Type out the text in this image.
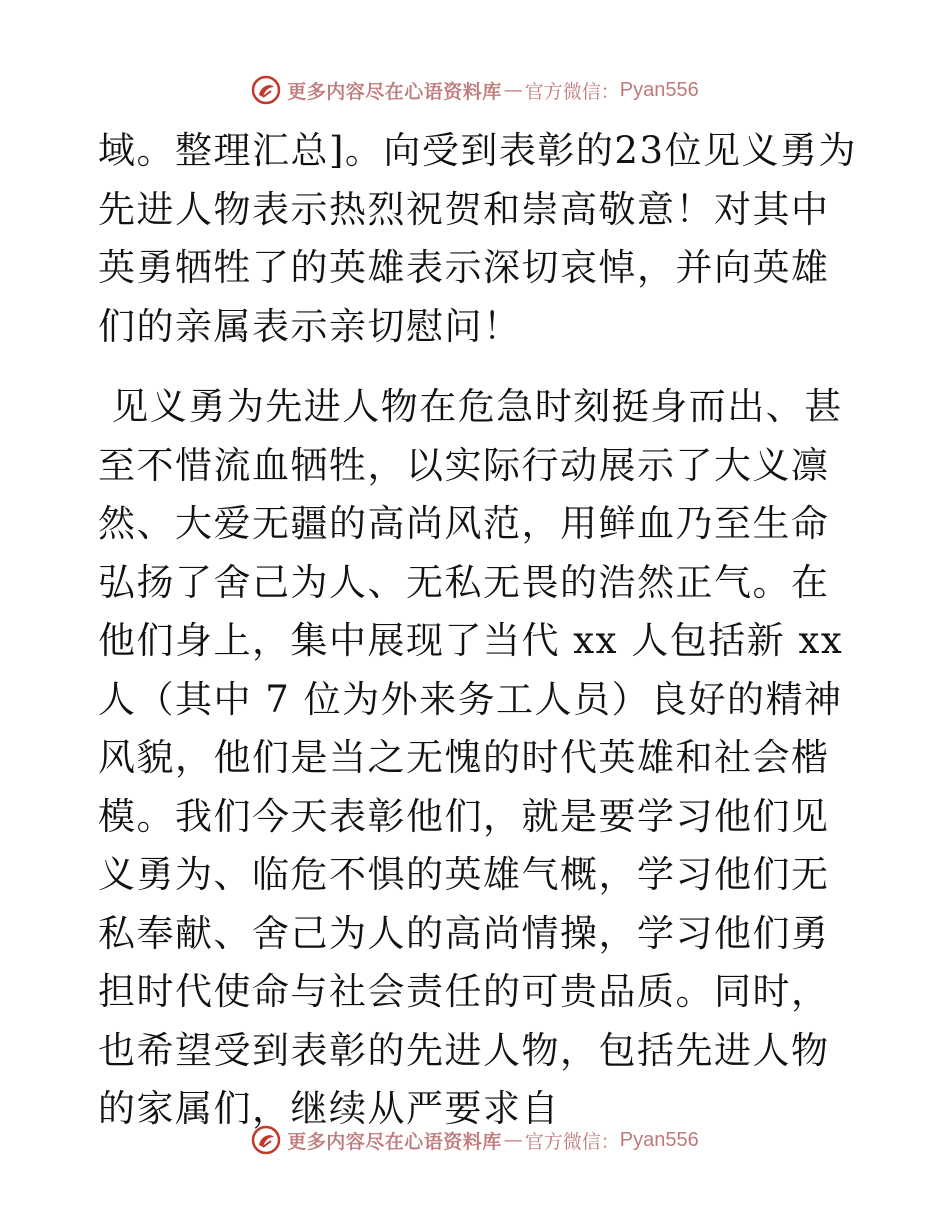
更多内容尽在心语资料库 — 官方微信： Pyan556

域。整理汇总]。向受到表彰的23位见义勇为先进人物表示热烈祝贺和崇高敬意！对其中英勇牺牲了的英雄表示深切哀悼，并向英雄们的亲属表示亲切慰问！

见义勇为先进人物在危急时刻挺身而出、甚至不惜流血牺牲，以实际行动展示了大义凛然、大爱无疆的高尚风范，用鲜血乃至生命弘扬了舍己为人、无私无畏的浩然正气。在他们身上，集中展现了当代 xx 人包括新 xx 人（其中 7 位为外来务工人员）良好的精神风貌，他们是当之无愧的时代英雄和社会楷模。我们今天表彰他们，就是要学习他们见义勇为、临危不惧的英雄气概，学习他们无私奉献、舍己为人的高尚情操，学习他们勇担时代使命与社会责任的可贵品质。同时，也希望受到表彰的先进人物，包括先进人物的家属们，继续从严要求自

更多内容尽在心语资料库 — 官方微信： Pyan556
